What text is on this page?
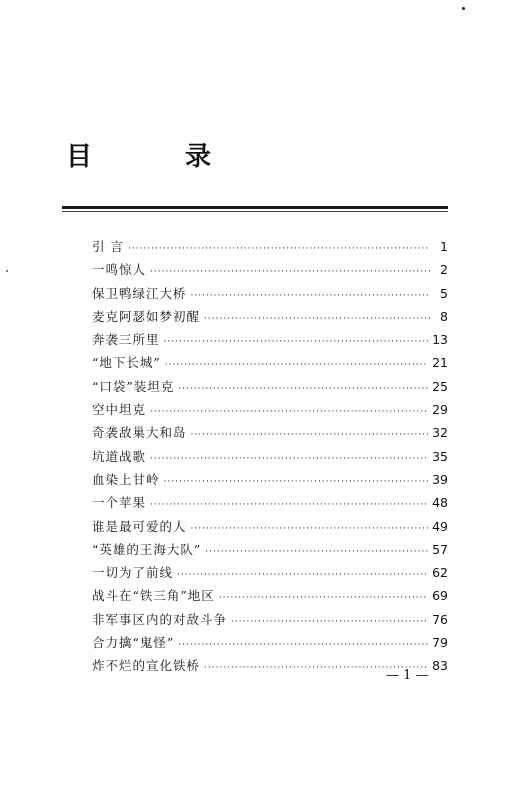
目 录
引 言 ·····	1
一鸣惊人 ·····	2
保卫鸭绿江大桥 ·····	5
麦克阿瑟如梦初醒 ·····	8
奔袭三所里 ·····	13
“地下长城” ·····	21
“口袋”装坦克 ·····	25
空中坦克 ·····	29
奇袭敌巢大和岛 ·····	32
坑道战歌 ·····	35
血染上甘岭 ·····	39
一个苹果 ·····	48
谁是最可爱的人 ·····	49
“英雄的王海大队” ·····	57
一切为了前线 ·····	62
战斗在“铁三角”地区 ·····	69
非军事区内的对敌斗争 ·····	76
合力擒“鬼怪” ·····	79
炸不烂的宣化铁桥 ·····	83
— 1 —
